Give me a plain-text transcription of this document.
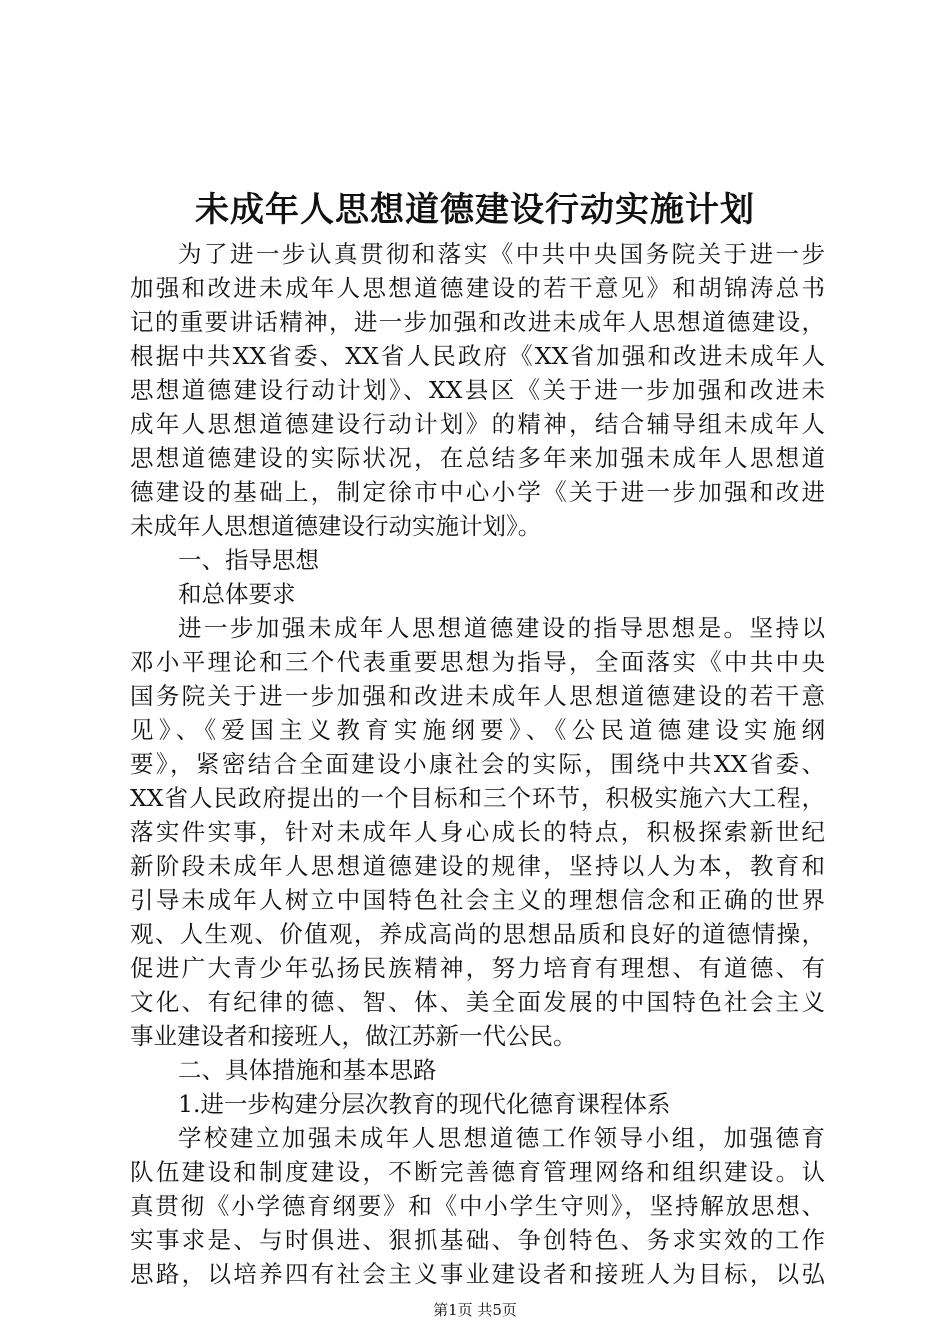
未成年人思想道德建设行动实施计划
为了进一步认真贯彻和落实《中共中央国务院关于进一步
加强和改进未成年人思想道德建设的若干意见》和胡锦涛总书
记的重要讲话精神，进一步加强和改进未成年人思想道德建设，
根据中共XX省委、XX省人民政府《XX省加强和改进未成年人
思想道德建设行动计划》、XX县区《关于进一步加强和改进未
成年人思想道德建设行动计划》的精神，结合辅导组未成年人
思想道德建设的实际状况，在总结多年来加强未成年人思想道
德建设的基础上，制定徐市中心小学《关于进一步加强和改进
未成年人思想道德建设行动实施计划》。
一、指导思想
和总体要求
进一步加强未成年人思想道德建设的指导思想是。坚持以
邓小平理论和三个代表重要思想为指导，全面落实《中共中央
国务院关于进一步加强和改进未成年人思想道德建设的若干意
见》、《爱国主义教育实施纲要》、《公民道德建设实施纲
要》，紧密结合全面建设小康社会的实际，围绕中共XX省委、
XX省人民政府提出的一个目标和三个环节，积极实施六大工程，
落实件实事，针对未成年人身心成长的特点，积极探索新世纪
新阶段未成年人思想道德建设的规律，坚持以人为本，教育和
引导未成年人树立中国特色社会主义的理想信念和正确的世界
观、人生观、价值观，养成高尚的思想品质和良好的道德情操，
促进广大青少年弘扬民族精神，努力培育有理想、有道德、有
文化、有纪律的德、智、体、美全面发展的中国特色社会主义
事业建设者和接班人，做江苏新一代公民。
二、具体措施和基本思路
1.进一步构建分层次教育的现代化德育课程体系
学校建立加强未成年人思想道德工作领导小组，加强德育
队伍建设和制度建设，不断完善德育管理网络和组织建设。认
真贯彻《小学德育纲要》和《中小学生守则》，坚持解放思想、
实事求是、与时俱进、狠抓基础、争创特色、务求实效的工作
思路，以培养四有社会主义事业建设者和接班人为目标，以弘
第1页 共5页
